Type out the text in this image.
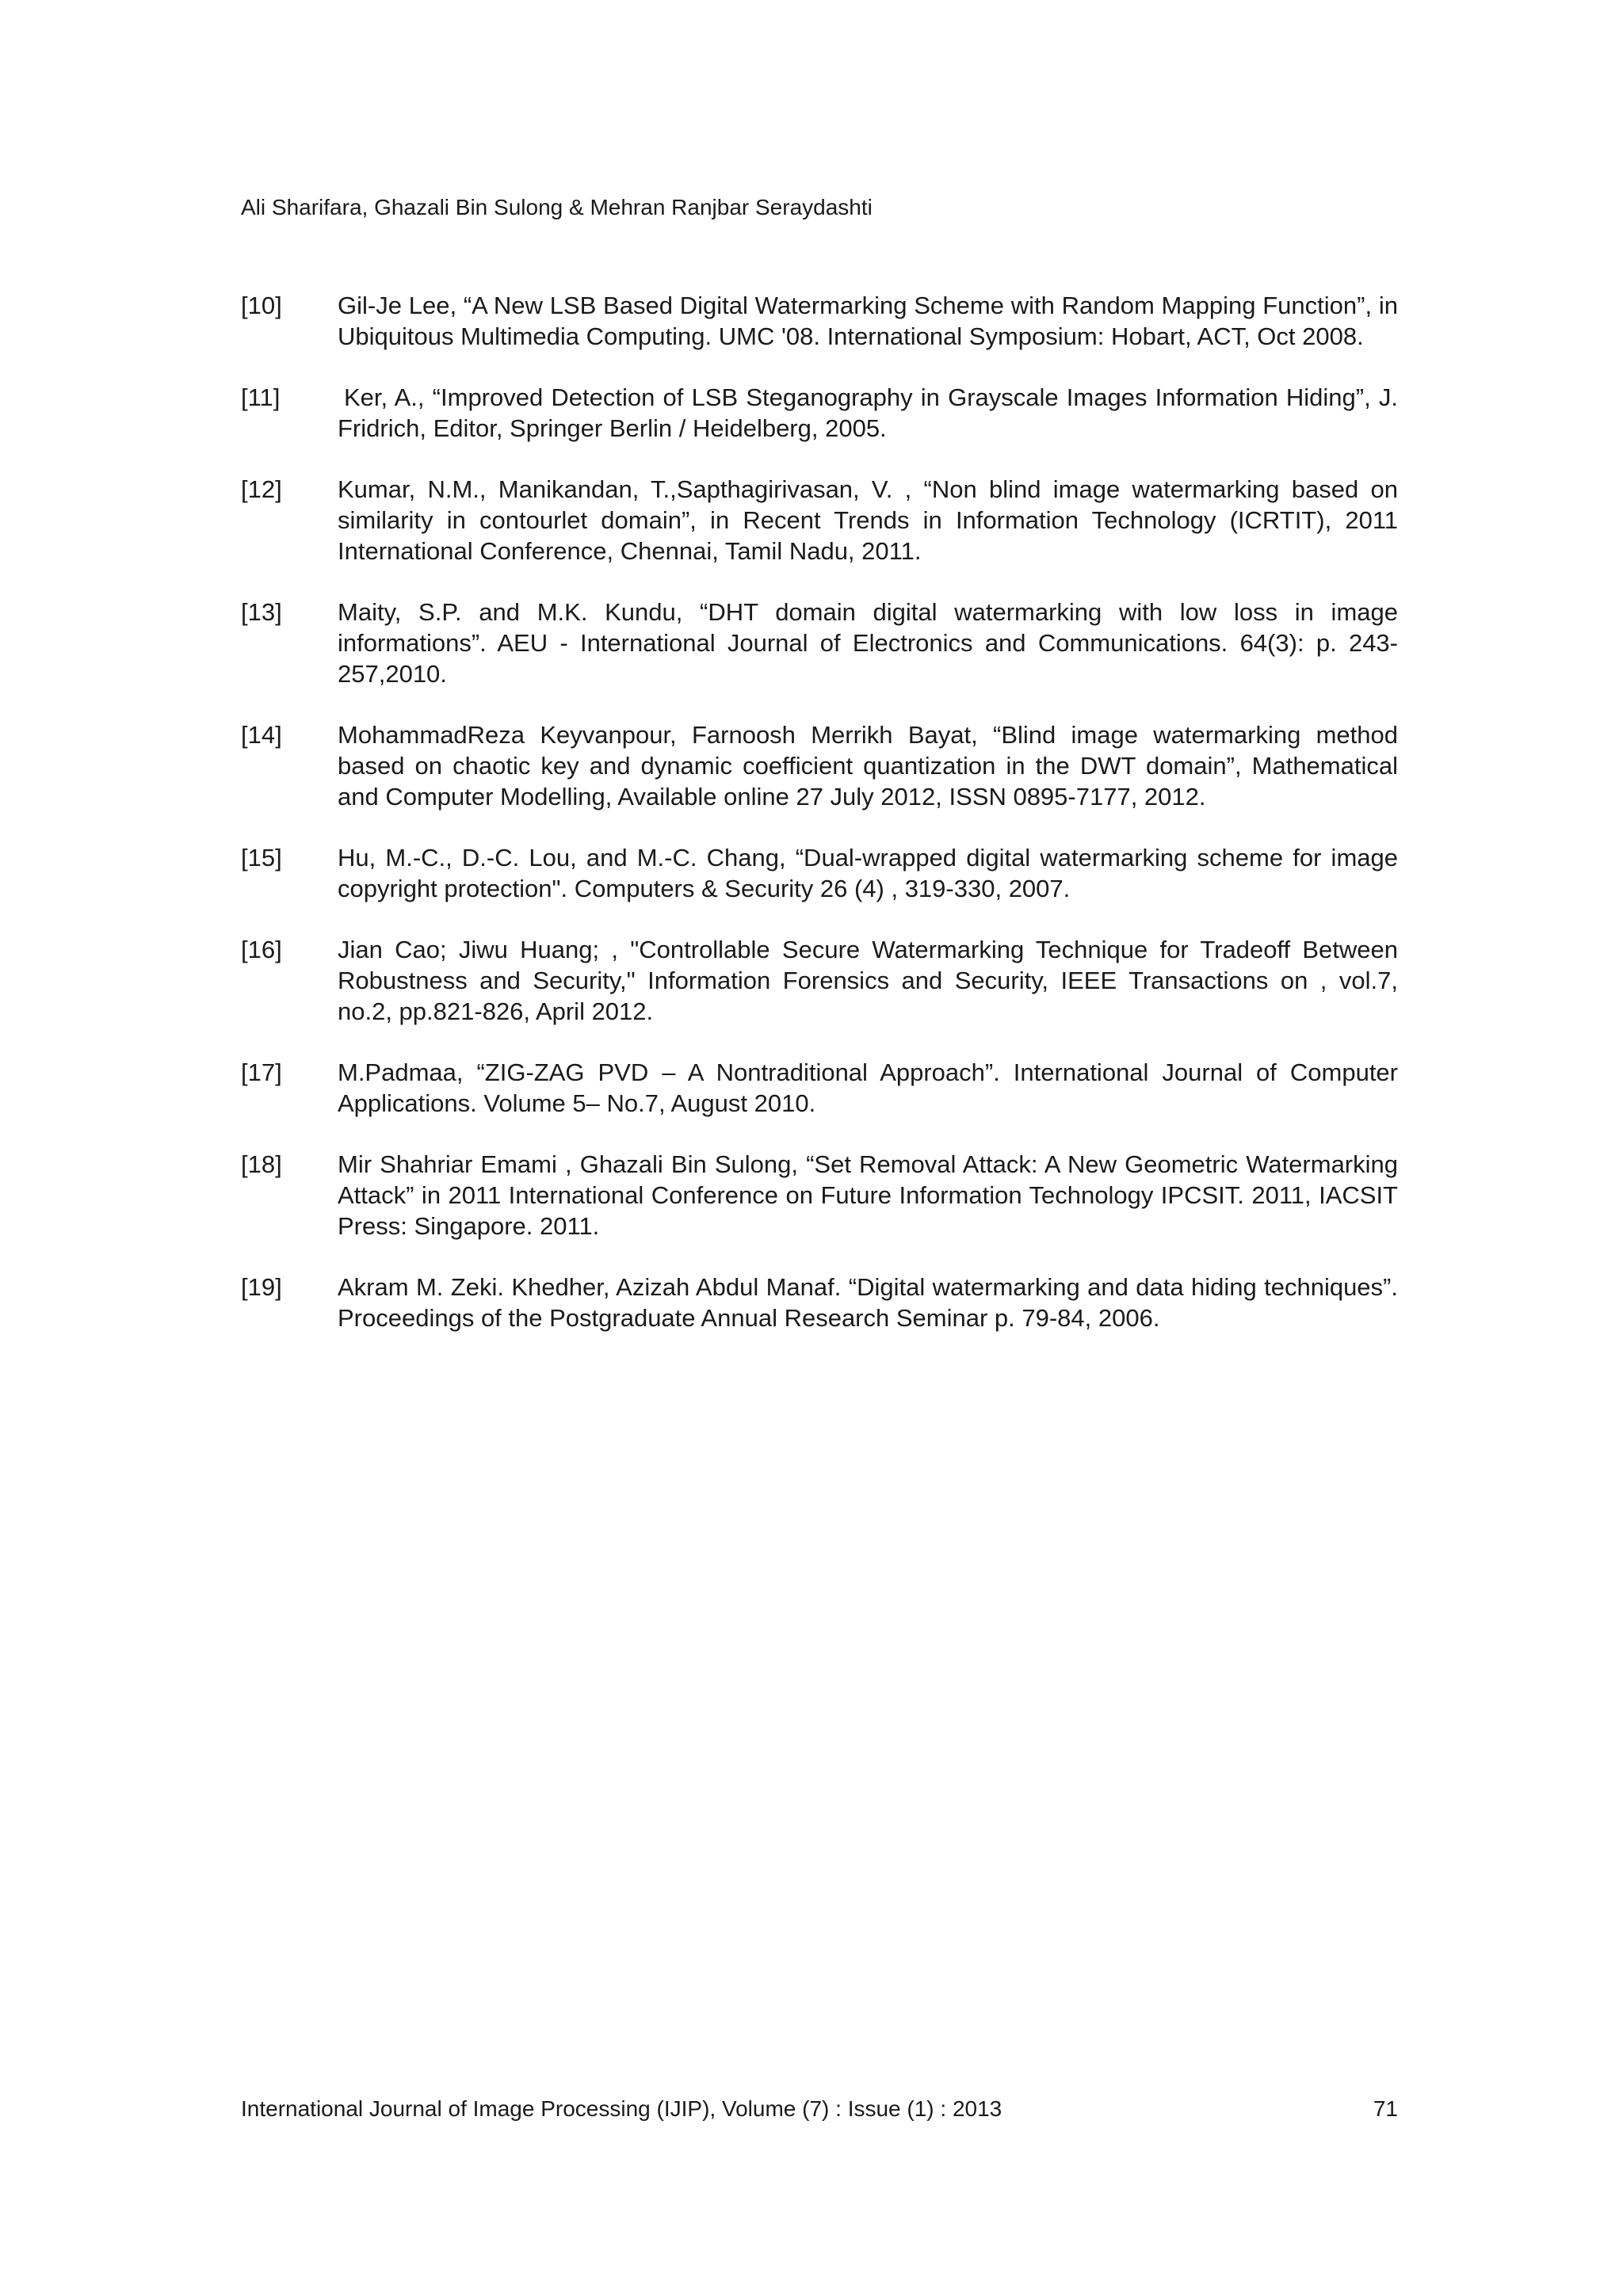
Ali Sharifara, Ghazali Bin Sulong & Mehran Ranjbar Seraydashti
[10]	Gil-Je Lee, “A New LSB Based Digital Watermarking Scheme with Random Mapping Function”, in Ubiquitous Multimedia Computing. UMC '08. International Symposium: Hobart, ACT, Oct 2008.
[11]	Ker, A., “Improved Detection of LSB Steganography in Grayscale Images Information Hiding”, J. Fridrich, Editor, Springer Berlin / Heidelberg, 2005.
[12]	Kumar, N.M., Manikandan, T.,Sapthagirivasan, V. , “Non blind image watermarking based on similarity in contourlet domain”, in Recent Trends in Information Technology (ICRTIT), 2011 International Conference, Chennai, Tamil Nadu, 2011.
[13]	Maity, S.P. and M.K. Kundu, “DHT domain digital watermarking with low loss in image informations”. AEU - International Journal of Electronics and Communications. 64(3): p. 243-257,2010.
[14]	MohammadReza Keyvanpour, Farnoosh Merrikh Bayat, “Blind image watermarking method based on chaotic key and dynamic coefficient quantization in the DWT domain”, Mathematical and Computer Modelling, Available online 27 July 2012, ISSN 0895-7177, 2012.
[15]	Hu, M.-C., D.-C. Lou, and M.-C. Chang, “Dual-wrapped digital watermarking scheme for image copyright protection". Computers & Security 26 (4) , 319-330, 2007.
[16]	Jian Cao; Jiwu Huang; , "Controllable Secure Watermarking Technique for Tradeoff Between Robustness and Security," Information Forensics and Security, IEEE Transactions on , vol.7, no.2, pp.821-826, April 2012.
[17]	M.Padmaa, “ZIG-ZAG PVD – A Nontraditional Approach”. International Journal of Computer Applications. Volume 5– No.7, August 2010.
[18]	Mir Shahriar Emami , Ghazali Bin Sulong, “Set Removal Attack: A New Geometric Watermarking Attack” in 2011 International Conference on Future Information Technology IPCSIT. 2011, IACSIT Press: Singapore. 2011.
[19]	Akram M. Zeki. Khedher, Azizah Abdul Manaf. “Digital watermarking and data hiding techniques”. Proceedings of the Postgraduate Annual Research Seminar p. 79-84, 2006.
International Journal of Image Processing (IJIP), Volume (7) : Issue (1) : 2013	71
